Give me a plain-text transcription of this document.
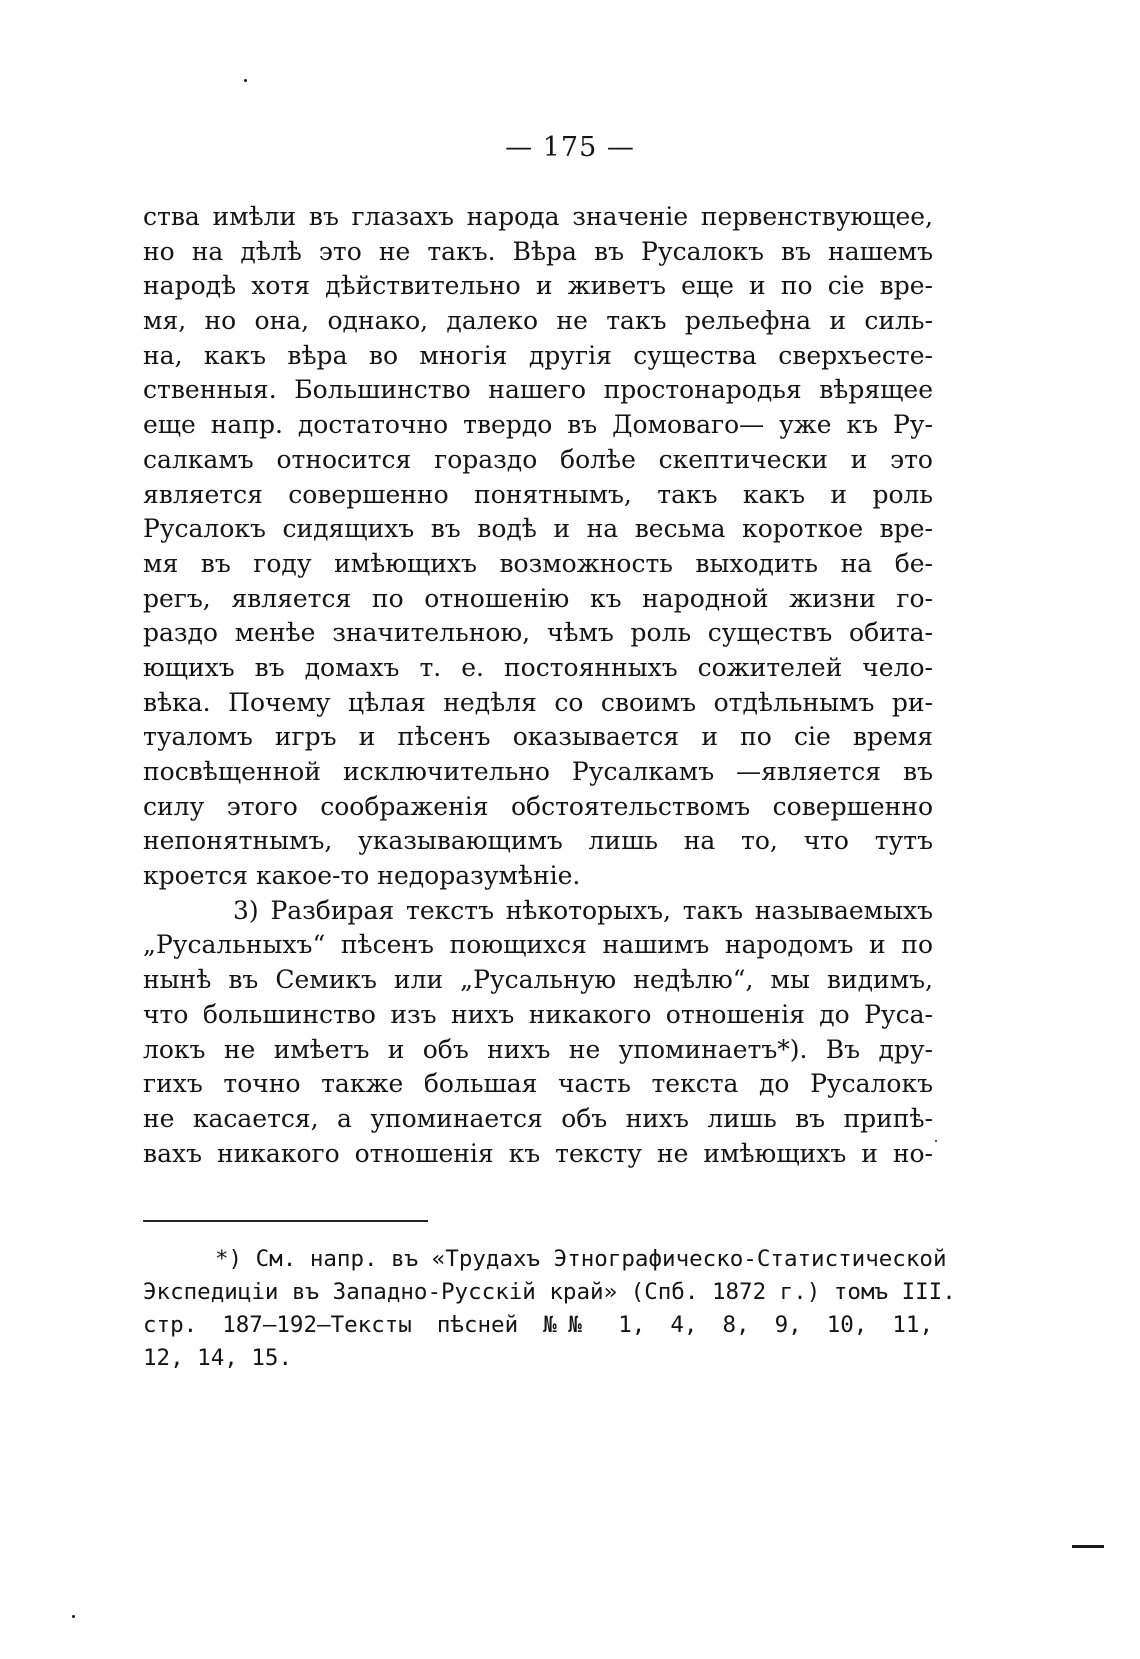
— 175 —
ства имѣли въ глазахъ народа значеніе первенствующее,
но на дѣлѣ это не такъ. Вѣра въ Русалокъ въ нашемъ
народѣ хотя дѣйствительно и живетъ еще и по сіе вре-
мя, но она, однако, далеко не такъ рельефна и силь-
на, какъ вѣра во многія другія существа сверхъесте-
ственныя. Большинство нашего простонародья вѣрящее
еще напр. достаточно твердо въ Домоваго— уже къ Ру-
салкамъ относится гораздо болѣе скептически и это
является совершенно понятнымъ, такъ какъ и роль
Русалокъ сидящихъ въ водѣ и на весьма короткое вре-
мя въ году имѣющихъ возможность выходить на бе-
регъ, является по отношенію къ народной жизни го-
раздо менѣе значительною, чѣмъ роль существъ обита-
ющихъ въ домахъ т. е. постоянныхъ сожителей чело-
вѣка. Почему цѣлая недѣля со своимъ отдѣльнымъ ри-
туаломъ игръ и пѣсенъ оказывается и по сіе время
посвѣщенной исключительно Русалкамъ —является въ
силу этого соображенія обстоятельствомъ совершенно
непонятнымъ, указывающимъ лишь на то, что тутъ
кроется какое-то недоразумѣніе.
3) Разбирая текстъ нѣкоторыхъ, такъ называемыхъ
„Русальныхъ“ пѣсенъ поющихся нашимъ народомъ и по
нынѣ въ Семикъ или „Русальную недѣлю“, мы видимъ,
что большинство изъ нихъ никакого отношенія до Руса-
локъ не имѣетъ и объ нихъ не упоминаетъ*). Въ дру-
гихъ точно также большая часть текста до Русалокъ
не касается, а упоминается объ нихъ лишь въ припѣ-
вахъ никакого отношенія къ тексту не имѣющихъ и но-
*) См. напр. въ «Трудахъ Этнографическо-Статистической
Экспедиціи въ Западно-Русскій край» (Спб. 1872 г.) томъ III.
стр. 187—192—Тексты пѣсней №№ 1, 4, 8, 9, 10, 11,
12, 14, 15.
